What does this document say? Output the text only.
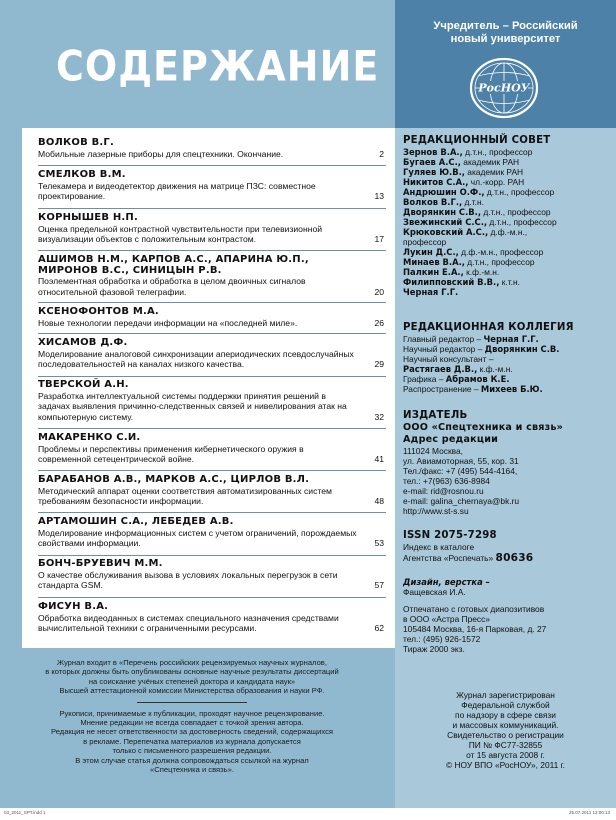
СОДЕРЖАНИЕ
ВОЛКОВ В.Г.
Мобильные лазерные приборы для спецтехники. Окончание.	2
СМЕЛКОВ В.М.
Телекамера и видеодетектор движения на матрице ПЗС: совместное проектирование.	13
КОРНЫШЕВ Н.П.
Оценка предельной контрастной чувствительности при телевизионной визуализации объектов с положительным контрастом.	17
АШИМОВ Н.М., КАРПОВ А.С., АПАРИНА Ю.П., МИРОНОВ В.С., СИНИЦЫН Р.В.
Поэлементная обработка и обработка в целом двоичных сигналов относительной фазовой телеграфии.	20
КСЕНОФОНТОВ М.А.
Новые технологии передачи информации на «последней миле».	26
ХИСАМОВ Д.Ф.
Моделирование аналоговой синхронизации апериодических псевдослучайных последовательностей на каналах низкого качества.	29
ТВЕРСКОЙ А.Н.
Разработка интеллектуальной системы поддержки принятия решений в задачах выявления причинно-следственных связей и нивелирования атак на компьютерную систему.	32
МАКАРЕНКО С.И.
Проблемы и перспективы применения кибернетического оружия в современной сетецентрической войне.	41
БАРАБАНОВ А.В., МАРКОВ А.С., ЦИРЛОВ В.Л.
Методический аппарат оценки соответствия автоматизированных систем требованиям безопасности информации.	48
АРТАМОШИН С.А., ЛЕБЕДЕВ А.В.
Моделирование информационных систем с учетом ограничений, порождаемых свойствами информации.	53
БОНЧ-БРУЕВИЧ М.М.
О качестве обслуживания вызова в условиях локальных перегрузок в сети стандарта GSM.	57
ФИСУН В.А.
Обработка видеоданных в системах специального назначения средствами вычислительной техники с ограниченными ресурсами.	62
Журнал входит в «Перечень российских рецензируемых научных журналов,
в которых должны быть опубликованы основные научные результаты диссертаций
на соискание учёных степеней доктора и кандидата наук»
Высшей аттестационной комиссии Министерства образования и науки РФ.
Рукописи, принимаемые к публикации, проходят научное рецензирование.
Мнение редакции не всегда совпадает с точкой зрения автора.
Редакция не несет ответственности за достоверность сведений, содержащихся
в рекламе. Перепечатка материалов из журнала допускается
только с письменного разрешения редакции.
В этом случае статья должна сопровождаться ссылкой на журнал
«Спецтехника и связь».
Учредитель – Российский
новый университет
РосНОУ
РЕДАКЦИОННЫЙ СОВЕТ
Зернов В.А., д.т.н., профессор
Бугаев А.С., академик РАН
Гуляев Ю.В., академик РАН
Никитов С.А., чл.-корр. РАН
Андрюшин О.Ф., д.т.н., профессор
Волков В.Г., д.т.н.
Дворянкин С.В., д.т.н., профессор
Звежинский С.С., д.т.н., профессор
Крюковский А.С., д.ф.-м.н., профессор
Лукин Д.С., д.ф.-м.н., профессор
Минаев В.А., д.т.н., профессор
Палкин Е.А., к.ф.-м.н.
Филипповский В.В., к.т.н.
Черная Г.Г.
РЕДАКЦИОННАЯ КОЛЛЕГИЯ
Главный редактор – Черная Г.Г.
Научный редактор – Дворянкин С.В.
Научный консультант –
Растягаев Д.В., к.ф.-м.н.
Графика – Абрамов К.Е.
Распространение – Михеев Б.Ю.
ИЗДАТЕЛЬ
ООО «Спецтехника и связь»
Адрес редакции
111024 Москва,
ул. Авиамоторная, 55, кор. 31
Тел./факс: +7 (495) 544-4164,
тел.: +7(963) 636-8984
e-mail: rid@rosnou.ru
e-mail: galina_chernaya@bk.ru
http://www.st-s.su
ISSN 2075-7298
Индекс в каталоге
Агентства «Роспечать» 80636
Дизайн, верстка –
Фащевская И.А.
Отпечатано с готовых диапозитивов
в ООО «Астра Пресс»
105484 Москва, 16-я Парковая, д. 27
тел.: (495) 926-1572
Тираж 2000 экз.
Журнал зарегистрирован
Федеральной службой
по надзору в сфере связи
и массовых коммуникаций.
Свидетельство о регистрации
ПИ № ФС77-32855
от 15 августа 2008 г.
© НОУ ВПО «РосНОУ», 2011 г.
03_2011_SPT.indd 1	25.07.2011 12:00:13
